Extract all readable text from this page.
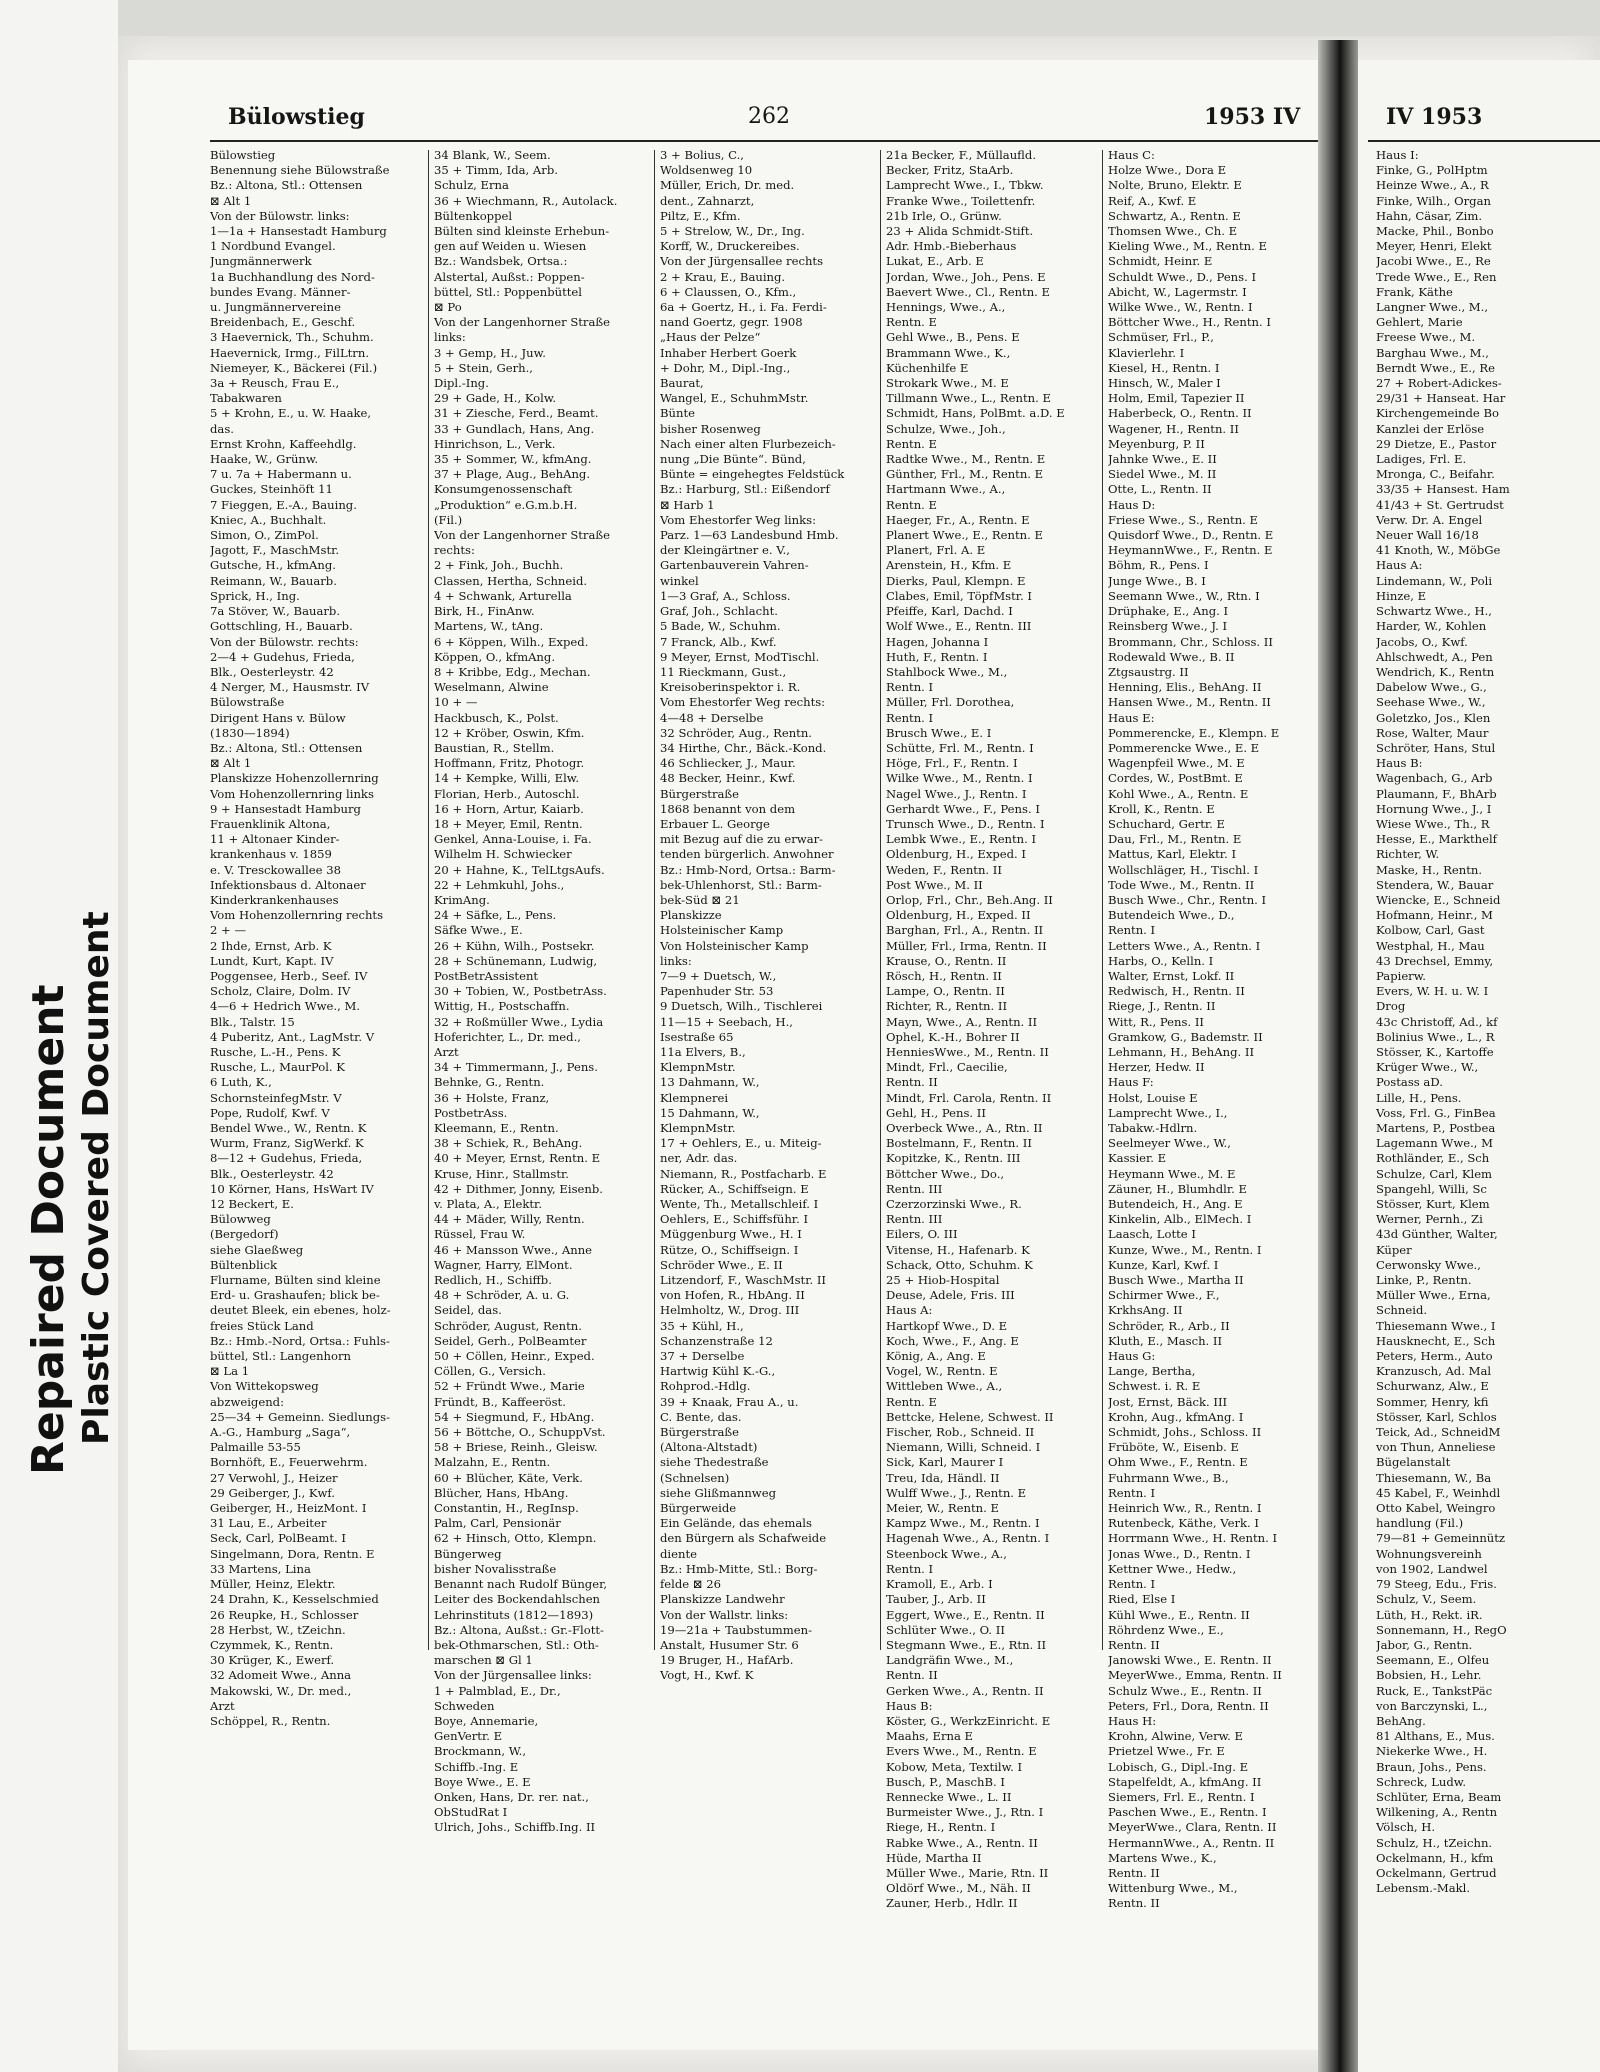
Repaired Document Plastic Covered Document
Bülowstieg	262	1953 IV
Bülowstieg
Benennung siehe Bülowstraße
Bz.: Altona, Stl.: Ottensen
⊠ Alt 1
Von der Bülowstr. links:
1—1a + Hansestadt Hamburg
1 Nordbund Evangel.
Jungmännerwerk
1a Buchhandlung des Nord-
bundes Evang. Männer-
u. Jungmännervereine
Breidenbach, E., Geschf.
3 Haevernick, Th., Schuhm.
Haevernick, Irmg., FilLtrn.
Niemeyer, K., Bäckerei (Fil.)
3a + Reusch, Frau E.,
Tabakwaren
5 + Krohn, E., u. W. Haake,
das.
Ernst Krohn, Kaffeehdlg.
Haake, W., Grünw.
7 u. 7a + Habermann u.
Guckes, Steinhöft 11
7 Fieggen, E.-A., Bauing.
Kniec, A., Buchhalt.
Simon, O., ZimPol.
Jagott, F., MaschMstr.
Gutsche, H., kfmAng.
Reimann, W., Bauarb.
Sprick, H., Ing.
7a Stöver, W., Bauarb.
Gottschling, H., Bauarb.
Von der Bülowstr. rechts:
2—4 + Gudehus, Frieda,
Blk., Oesterleystr. 42
4 Nerger, M., Hausmstr. IV
Bülowstraße
Dirigent Hans v. Bülow
(1830—1894)
Bz.: Altona, Stl.: Ottensen
⊠ Alt 1
Planskizze Hohenzollernring
Vom Hohenzollernring links
9 + Hansestadt Hamburg
Frauenklinik Altona,
11 + Altonaer Kinder-
krankenhaus v. 1859
e. V. Tresckowallee 38
Infektionsbaus d. Altonaer
Kinderkrankenhauses
Vom Hohenzollernring rechts
2 + —
2 Ihde, Ernst, Arb. K
Lundt, Kurt, Kapt. IV
Poggensee, Herb., Seef. IV
Scholz, Claire, Dolm. IV
4—6 + Hedrich Wwe., M.
Blk., Talstr. 15
4 Puberitz, Ant., LagMstr. V
Rusche, L.-H., Pens. K
Rusche, L., MaurPol. K
6 Luth, K.,
SchornsteinfegMstr. V
Pope, Rudolf, Kwf. V
Bendel Wwe., W., Rentn. K
Wurm, Franz, SigWerkf. K
8—12 + Gudehus, Frieda,
Blk., Oesterleystr. 42
10 Körner, Hans, HsWart IV
12 Beckert, E.
Bülowweg
(Bergedorf)
siehe Glaeßweg
Bültenblick
Flurname, Bülten sind kleine
Erd- u. Grashaufen; blick be-
deutet Bleek, ein ebenes, holz-
freies Stück Land
Bz.: Hmb.-Nord, Ortsa.: Fuhls-
büttel, Stl.: Langenhorn
⊠ La 1
Von Wittekopsweg
abzweigend:
25—34 + Gemeinn. Siedlungs-
A.-G., Hamburg „Saga“,
Palmaille 53-55
Bornhöft, E., Feuerwehrm.
27 Verwohl, J., Heizer
29 Geiberger, J., Kwf.
Geiberger, H., HeizMont. I
31 Lau, E., Arbeiter
Seck, Carl, PolBeamt. I
Singelmann, Dora, Rentn. E
33 Martens, Lina
Müller, Heinz, Elektr.
24 Drahn, K., Kesselschmied
26 Reupke, H., Schlosser
28 Herbst, W., tZeichn.
Czymmek, K., Rentn.
30 Krüger, K., Ewerf.
32 Adomeit Wwe., Anna
Makowski, W., Dr. med.,
Arzt
Schöppel, R., Rentn.
34 Blank, W., Seem.
35 + Timm, Ida, Arb.
Schulz, Erna
36 + Wiechmann, R., Autolack.
Bültenkoppel
Bülten sind kleinste Erhebun-
gen auf Weiden u. Wiesen
Bz.: Wandsbek, Ortsa.:
Alstertal, Außst.: Poppen-
büttel, Stl.: Poppenbüttel
⊠ Po
Von der Langenhorner Straße
links:
3 + Gemp, H., Juw.
5 + Stein, Gerh.,
Dipl.-Ing.
29 + Gade, H., Kolw.
31 + Ziesche, Ferd., Beamt.
33 + Gundlach, Hans, Ang.
Hinrichson, L., Verk.
35 + Sommer, W., kfmAng.
37 + Plage, Aug., BehAng.
Konsumgenossenschaft
„Produktion“ e.G.m.b.H.
(Fil.)
Von der Langenhorner Straße
rechts:
2 + Fink, Joh., Buchh.
Classen, Hertha, Schneid.
4 + Schwank, Arturella
Birk, H., FinAnw.
Martens, W., tAng.
6 + Köppen, Wilh., Exped.
Köppen, O., kfmAng.
8 + Kribbe, Edg., Mechan.
Weselmann, Alwine
10 + —
Hackbusch, K., Polst.
12 + Kröber, Oswin, Kfm.
Baustian, R., Stellm.
Hoffmann, Fritz, Photogr.
14 + Kempke, Willi, Elw.
Florian, Herb., Autoschl.
16 + Horn, Artur, Kaiarb.
18 + Meyer, Emil, Rentn.
Genkel, Anna-Louise, i. Fa.
Wilhelm H. Schwiecker
20 + Hahne, K., TelLtgsAufs.
22 + Lehmkuhl, Johs.,
KrimAng.
24 + Säfke, L., Pens.
Säfke Wwe., E.
26 + Kühn, Wilh., Postsekr.
28 + Schünemann, Ludwig,
PostBetrAssistent
30 + Tobien, W., PostbetrAss.
Wittig, H., Postschaffn.
32 + Roßmüller Wwe., Lydia
Hoferichter, L., Dr. med.,
Arzt
34 + Timmermann, J., Pens.
Behnke, G., Rentn.
36 + Holste, Franz,
PostbetrAss.
Kleemann, E., Rentn.
38 + Schiek, R., BehAng.
40 + Meyer, Ernst, Rentn. E
Kruse, Hinr., Stallmstr.
42 + Dithmer, Jonny, Eisenb.
v. Plata, A., Elektr.
44 + Mäder, Willy, Rentn.
Rüssel, Frau W.
46 + Mansson Wwe., Anne
Wagner, Harry, ElMont.
Redlich, H., Schiffb.
48 + Schröder, A. u. G.
Seidel, das.
Schröder, August, Rentn.
Seidel, Gerh., PolBeamter
50 + Cöllen, Heinr., Exped.
Cöllen, G., Versich.
52 + Fründt Wwe., Marie
Fründt, B., Kaffeeröst.
54 + Siegmund, F., HbAng.
56 + Böttche, O., SchuppVst.
58 + Briese, Reinh., Gleisw.
Malzahn, E., Rentn.
60 + Blücher, Käte, Verk.
Blücher, Hans, HbAng.
Constantin, H., RegInsp.
Palm, Carl, Pensionär
62 + Hinsch, Otto, Klempn.
Büngerweg
bisher Novalisstraße
Benannt nach Rudolf Bünger,
Leiter des Bockendahlschen
Lehrinstituts (1812—1893)
Bz.: Altona, Außst.: Gr.-Flott-
bek-Othmarschen, Stl.: Oth-
marschen ⊠ Gl 1
Von der Jürgensallee links:
1 + Palmblad, E., Dr.,
Schweden
Boye, Annemarie,
GenVertr. E
Brockmann, W.,
Schiffb.-Ing. E
Boye Wwe., E. E
Onken, Hans, Dr. rer. nat.,
ObStudRat I
Ulrich, Johs., Schiffb.Ing. II
3 + Bolius, C.,
Woldsenweg 10
Müller, Erich, Dr. med.
dent., Zahnarzt,
Piltz, E., Kfm.
5 + Strelow, W., Dr., Ing.
Korff, W., Druckereibes.
Von der Jürgensallee rechts
2 + Krau, E., Bauing.
6 + Claussen, O., Kfm.,
6a + Goertz, H., i. Fa. Ferdi-
nand Goertz, gegr. 1908
„Haus der Pelze“
Inhaber Herbert Goerk
+ Dohr, M., Dipl.-Ing.,
Baurat,
Wangel, E., SchuhmMstr.
Bünte
bisher Rosenweg
Nach einer alten Flurbezeich-
nung „Die Bünte“. Bünd,
Bünte = eingehegtes Feldstück
Bz.: Harburg, Stl.: Eißendorf
⊠ Harb 1
Vom Ehestorfer Weg links:
Parz. 1—63 Landesbund Hmb.
der Kleingärtner e. V.,
Gartenbauverein Vahren-
winkel
1—3 Graf, A., Schloss.
Graf, Joh., Schlacht.
5 Bade, W., Schuhm.
7 Franck, Alb., Kwf.
9 Meyer, Ernst, ModTischl.
11 Rieckmann, Gust.,
Kreisoberinspektor i. R.
Vom Ehestorfer Weg rechts:
4—48 + Derselbe
32 Schröder, Aug., Rentn.
34 Hirthe, Chr., Bäck.-Kond.
46 Schliecker, J., Maur.
48 Becker, Heinr., Kwf.
Bürgerstraße
1868 benannt von dem
Erbauer L. George
mit Bezug auf die zu erwar-
tenden bürgerlich. Anwohner
Bz.: Hmb-Nord, Ortsa.: Barm-
bek-Uhlenhorst, Stl.: Barm-
bek-Süd ⊠ 21
Planskizze
Holsteinischer Kamp
Von Holsteinischer Kamp
links:
7—9 + Duetsch, W.,
Papenhuder Str. 53
9 Duetsch, Wilh., Tischlerei
11—15 + Seebach, H.,
Isestraße 65
11a Elvers, B.,
KlempnMstr.
13 Dahmann, W.,
Klempnerei
15 Dahmann, W.,
KlempnMstr.
17 + Oehlers, E., u. Miteig-
ner, Adr. das.
Niemann, R., Postfacharb. E
Rücker, A., Schiffseign. E
Wente, Th., Metallschleif. I
Oehlers, E., Schiffsführ. I
Müggenburg Wwe., H. I
Rütze, O., Schiffseign. I
Schröder Wwe., E. II
Litzendorf, F., WaschMstr. II
von Hofen, R., HbAng. II
Helmholtz, W., Drog. III
35 + Kühl, H.,
Schanzenstraße 12
37 + Derselbe
Hartwig Kühl K.-G.,
Rohprod.-Hdlg.
39 + Knaak, Frau A., u.
C. Bente, das.
Bürgerstraße
(Altona-Altstadt)
siehe Thedestraße
(Schnelsen)
siehe Glißmannweg
Bürgerweide
Ein Gelände, das ehemals
den Bürgern als Schafweide
diente
Bz.: Hmb-Mitte, Stl.: Borg-
felde ⊠ 26
Planskizze Landwehr
Von der Wallstr. links:
19—21a + Taubstummen-
Anstalt, Husumer Str. 6
19 Bruger, H., HafArb.
Vogt, H., Kwf. K
21a Becker, F., Müllaufld.
Becker, Fritz, StaArb.
Lamprecht Wwe., I., Tbkw.
Franke Wwe., Toilettenfr.
21b Irle, O., Grünw.
23 + Alida Schmidt-Stift.
Adr. Hmb.-Bieberhaus
Lukat, E., Arb. E
Jordan, Wwe., Joh., Pens. E
Baevert Wwe., Cl., Rentn. E
Hennings, Wwe., A.,
Rentn. E
Gehl Wwe., B., Pens. E
Brammann Wwe., K.,
Küchenhilfe E
Strokark Wwe., M. E
Tillmann Wwe., L., Rentn. E
Schmidt, Hans, PolBmt. a.D. E
Schulze, Wwe., Joh.,
Rentn. E
Radtke Wwe., M., Rentn. E
Günther, Frl., M., Rentn. E
Hartmann Wwe., A.,
Rentn. E
Haeger, Fr., A., Rentn. E
Planert Wwe., E., Rentn. E
Planert, Frl. A. E
Arenstein, H., Kfm. E
Dierks, Paul, Klempn. E
Clabes, Emil, TöpfMstr. I
Pfeiffe, Karl, Dachd. I
Wolf Wwe., E., Rentn. III
Hagen, Johanna I
Huth, F., Rentn. I
Stahlbock Wwe., M.,
Rentn. I
Müller, Frl. Dorothea,
Rentn. I
Brusch Wwe., E. I
Schütte, Frl. M., Rentn. I
Höge, Frl., F., Rentn. I
Wilke Wwe., M., Rentn. I
Nagel Wwe., J., Rentn. I
Gerhardt Wwe., F., Pens. I
Trunsch Wwe., D., Rentn. I
Lembk Wwe., E., Rentn. I
Oldenburg, H., Exped. I
Weden, F., Rentn. II
Post Wwe., M. II
Orlop, Frl., Chr., Beh.Ang. II
Oldenburg, H., Exped. II
Barghan, Frl., A., Rentn. II
Müller, Frl., Irma, Rentn. II
Krause, O., Rentn. II
Rösch, H., Rentn. II
Lampe, O., Rentn. II
Richter, R., Rentn. II
Mayn, Wwe., A., Rentn. II
Ophel, K.-H., Bohrer II
HenniesWwe., M., Rentn. II
Mindt, Frl., Caecilie,
Rentn. II
Mindt, Frl. Carola, Rentn. II
Gehl, H., Pens. II
Overbeck Wwe., A., Rtn. II
Bostelmann, F., Rentn. II
Kopitzke, K., Rentn. III
Böttcher Wwe., Do.,
Rentn. III
Czerzorzinski Wwe., R.
Rentn. III
Eilers, O. III
Vitense, H., Hafenarb. K
Schack, Otto, Schuhm. K
25 + Hiob-Hospital
Deuse, Adele, Fris. III
Haus A:
Hartkopf Wwe., D. E
Koch, Wwe., F., Ang. E
König, A., Ang. E
Vogel, W., Rentn. E
Wittleben Wwe., A.,
Rentn. E
Bettcke, Helene, Schwest. II
Fischer, Rob., Schneid. II
Niemann, Willi, Schneid. I
Sick, Karl, Maurer I
Treu, Ida, Händl. II
Wulff Wwe., J., Rentn. E
Meier, W., Rentn. E
Kampz Wwe., M., Rentn. I
Hagenah Wwe., A., Rentn. I
Steenbock Wwe., A.,
Rentn. I
Kramoll, E., Arb. I
Tauber, J., Arb. II
Eggert, Wwe., E., Rentn. II
Schlüter Wwe., O. II
Stegmann Wwe., E., Rtn. II
Landgräfin Wwe., M.,
Rentn. II
Gerken Wwe., A., Rentn. II
Haus B:
Köster, G., WerkzEinricht. E
Maahs, Erna E
Evers Wwe., M., Rentn. E
Kobow, Meta, Textilw. I
Busch, P., MaschB. I
Rennecke Wwe., L. II
Burmeister Wwe., J., Rtn. I
Riege, H., Rentn. I
Rabke Wwe., A., Rentn. II
Hüde, Martha II
Müller Wwe., Marie, Rtn. II
Oldörf Wwe., M., Näh. II
Zauner, Herb., Hdlr. II
Haus C:
Holze Wwe., Dora E
Nolte, Bruno, Elektr. E
Reif, A., Kwf. E
Schwartz, A., Rentn. E
Thomsen Wwe., Ch. E
Kieling Wwe., M., Rentn. E
Schmidt, Heinr. E
Schuldt Wwe., D., Pens. I
Abicht, W., Lagermstr. I
Wilke Wwe., W., Rentn. I
Böttcher Wwe., H., Rentn. I
Schmüser, Frl., P.,
Klavierlehr. I
Kiesel, H., Rentn. I
Hinsch, W., Maler I
Holm, Emil, Tapezier II
Haberbeck, O., Rentn. II
Wagener, H., Rentn. II
Meyenburg, P. II
Jahnke Wwe., E. II
Siedel Wwe., M. II
Otte, L., Rentn. II
Haus D:
Friese Wwe., S., Rentn. E
Quisdorf Wwe., D., Rentn. E
HeymannWwe., F., Rentn. E
Böhm, R., Pens. I
Junge Wwe., B. I
Seemann Wwe., W., Rtn. I
Drüphake, E., Ang. I
Reinsberg Wwe., J. I
Brommann, Chr., Schloss. II
Rodewald Wwe., B. II
Ztgsaustrg. II
Henning, Elis., BehAng. II
Hansen Wwe., M., Rentn. II
Haus E:
Pommerencke, E., Klempn. E
Pommerencke Wwe., E. E
Wagenpfeil Wwe., M. E
Cordes, W., PostBmt. E
Kohl Wwe., A., Rentn. E
Kroll, K., Rentn. E
Schuchard, Gertr. E
Dau, Frl., M., Rentn. E
Mattus, Karl, Elektr. I
Wollschläger, H., Tischl. I
Tode Wwe., M., Rentn. II
Busch Wwe., Chr., Rentn. I
Butendeich Wwe., D.,
Rentn. I
Letters Wwe., A., Rentn. I
Harbs, O., Kelln. I
Walter, Ernst, Lokf. II
Redwisch, H., Rentn. II
Riege, J., Rentn. II
Witt, R., Pens. II
Gramkow, G., Bademstr. II
Lehmann, H., BehAng. II
Herzer, Hedw. II
Haus F:
Holst, Louise E
Lamprecht Wwe., I.,
Tabakw.-Hdlrn.
Seelmeyer Wwe., W.,
Kassier. E
Heymann Wwe., M. E
Zäuner, H., Blumhdlr. E
Butendeich, H., Ang. E
Kinkelin, Alb., ElMech. I
Laasch, Lotte I
Kunze, Wwe., M., Rentn. I
Kunze, Karl, Kwf. I
Busch Wwe., Martha II
Schirmer Wwe., F.,
KrkhsAng. II
Schröder, R., Arb., II
Kluth, E., Masch. II
Haus G:
Lange, Bertha,
Schwest. i. R. E
Jost, Ernst, Bäck. III
Krohn, Aug., kfmAng. I
Schmidt, Johs., Schloss. II
Früböte, W., Eisenb. E
Ohm Wwe., F., Rentn. E
Fuhrmann Wwe., B.,
Rentn. I
Heinrich Ww., R., Rentn. I
Rutenbeck, Käthe, Verk. I
Horrmann Wwe., H. Rentn. I
Jonas Wwe., D., Rentn. I
Kettner Wwe., Hedw.,
Rentn. I
Ried, Else I
Kühl Wwe., E., Rentn. II
Röhrdenz Wwe., E.,
Rentn. II
Janowski Wwe., E. Rentn. II
MeyerWwe., Emma, Rentn. II
Schulz Wwe., E., Rentn. II
Peters, Frl., Dora, Rentn. II
Haus H:
Krohn, Alwine, Verw. E
Prietzel Wwe., Fr. E
Lobisch, G., Dipl.-Ing. E
Stapelfeldt, A., kfmAng. II
Siemers, Frl. E., Rentn. I
Paschen Wwe., E., Rentn. I
MeyerWwe., Clara, Rentn. II
HermannWwe., A., Rentn. II
Martens Wwe., K.,
Rentn. II
Wittenburg Wwe., M.,
Rentn. II
IV 1953
Haus I:
Finke, G., PolHptm
Heinze Wwe., A., R
Finke, Wilh., Organ
Hahn, Cäsar, Zim.
Macke, Phil., Bonbo
Meyer, Henri, Elekt
Jacobi Wwe., E., Re
Trede Wwe., E., Ren
Frank, Käthe
Langner Wwe., M.,
Gehlert, Marie
Freese Wwe., M.
Barghau Wwe., M.,
Berndt Wwe., E., Re
27 + Robert-Adickes-
29/31 + Hanseat. Har
Kirchengemeinde Bo
Kanzlei der Erlöse
29 Dietze, E., Pastor
Ladiges, Frl. E.
Mronga, C., Beifahr.
33/35 + Hansest. Ham
41/43 + St. Gertrudst
Verw. Dr. A. Engel
Neuer Wall 16/18
41 Knoth, W., MöbGe
Haus A:
Lindemann, W., Poli
Hinze, E
Schwartz Wwe., H.,
Harder, W., Kohlen
Jacobs, O., Kwf.
Ahlschwedt, A., Pen
Wendrich, K., Rentn
Dabelow Wwe., G.,
Seehase Wwe., W.,
Goletzko, Jos., Klen
Rose, Walter, Maur
Schröter, Hans, Stul
Haus B:
Wagenbach, G., Arb
Plaumann, F., BhArb
Hornung Wwe., J., I
Wiese Wwe., Th., R
Hesse, E., Markthelf
Richter, W.
Maske, H., Rentn.
Stendera, W., Bauar
Wiencke, E., Schneid
Hofmann, Heinr., M
Kolbow, Carl, Gast
Westphal, H., Mau
43 Drechsel, Emmy,
Papierw.
Evers, W. H. u. W. I
Drog
43c Christoff, Ad., kf
Bolinius Wwe., L., R
Stösser, K., Kartoffe
Krüger Wwe., W.,
Postass aD.
Lille, H., Pens.
Voss, Frl. G., FinBea
Martens, P., Postbea
Lagemann Wwe., M
Rothländer, E., Sch
Schulze, Carl, Klem
Spangehl, Willi, Sc
Stösser, Kurt, Klem
Werner, Pernh., Zi
43d Günther, Walter,
Küper
Cerwonsky Wwe.,
Linke, P., Rentn.
Müller Wwe., Erna,
Schneid.
Thiesemann Wwe., I
Hausknecht, E., Sch
Peters, Herm., Auto
Kranzusch, Ad. Mal
Schurwanz, Alw., E
Sommer, Henry, kfi
Stösser, Karl, Schlos
Teick, Ad., SchneidM
von Thun, Anneliese
Bügelanstalt
Thiesemann, W., Ba
45 Kabel, F., Weinhdl
Otto Kabel, Weingro
handlung (Fil.)
79—81 + Gemeinnütz
Wohnungsvereinh
von 1902, Landwel
79 Steeg, Edu., Fris.
Schulz, V., Seem.
Lüth, H., Rekt. iR.
Sonnemann, H., RegO
Jabor, G., Rentn.
Seemann, E., Olfeu
Bobsien, H., Lehr.
Ruck, E., TankstPäc
von Barczynski, L.,
BehAng.
81 Althans, E., Mus.
Niekerke Wwe., H.
Braun, Johs., Pens.
Schreck, Ludw.
Schlüter, Erna, Beam
Wilkening, A., Rentn
Völsch, H.
Schulz, H., tZeichn.
Ockelmann, H., kfm
Ockelmann, Gertrud
Lebensm.-Makl.
